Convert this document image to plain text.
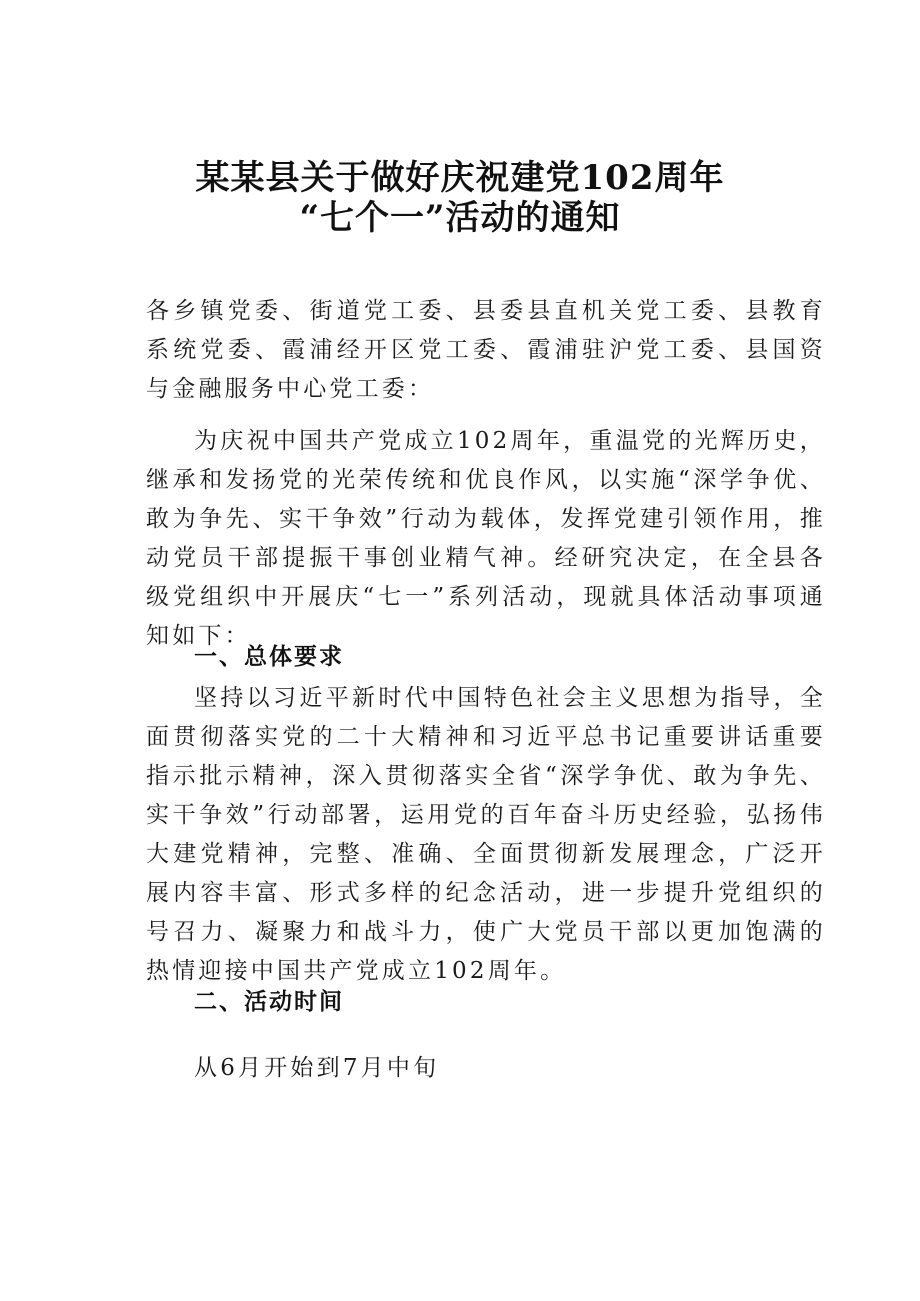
某某县关于做好庆祝建党102周年
“七个一”活动的通知

各乡镇党委、街道党工委、县委县直机关党工委、县教育系统党委、霞浦经开区党工委、霞浦驻沪党工委、县国资与金融服务中心党工委：

为庆祝中国共产党成立102周年，重温党的光辉历史，继承和发扬党的光荣传统和优良作风，以实施“深学争优、敢为争先、实干争效”行动为载体，发挥党建引领作用，推动党员干部提振干事创业精气神。经研究决定，在全县各级党组织中开展庆“七一”系列活动，现就具体活动事项通知如下：

一、总体要求

坚持以习近平新时代中国特色社会主义思想为指导，全面贯彻落实党的二十大精神和习近平总书记重要讲话重要指示批示精神，深入贯彻落实全省“深学争优、敢为争先、实干争效”行动部署，运用党的百年奋斗历史经验，弘扬伟大建党精神，完整、准确、全面贯彻新发展理念，广泛开展内容丰富、形式多样的纪念活动，进一步提升党组织的号召力、凝聚力和战斗力，使广大党员干部以更加饱满的热情迎接中国共产党成立102周年。

二、活动时间

从6月开始到7月中旬
